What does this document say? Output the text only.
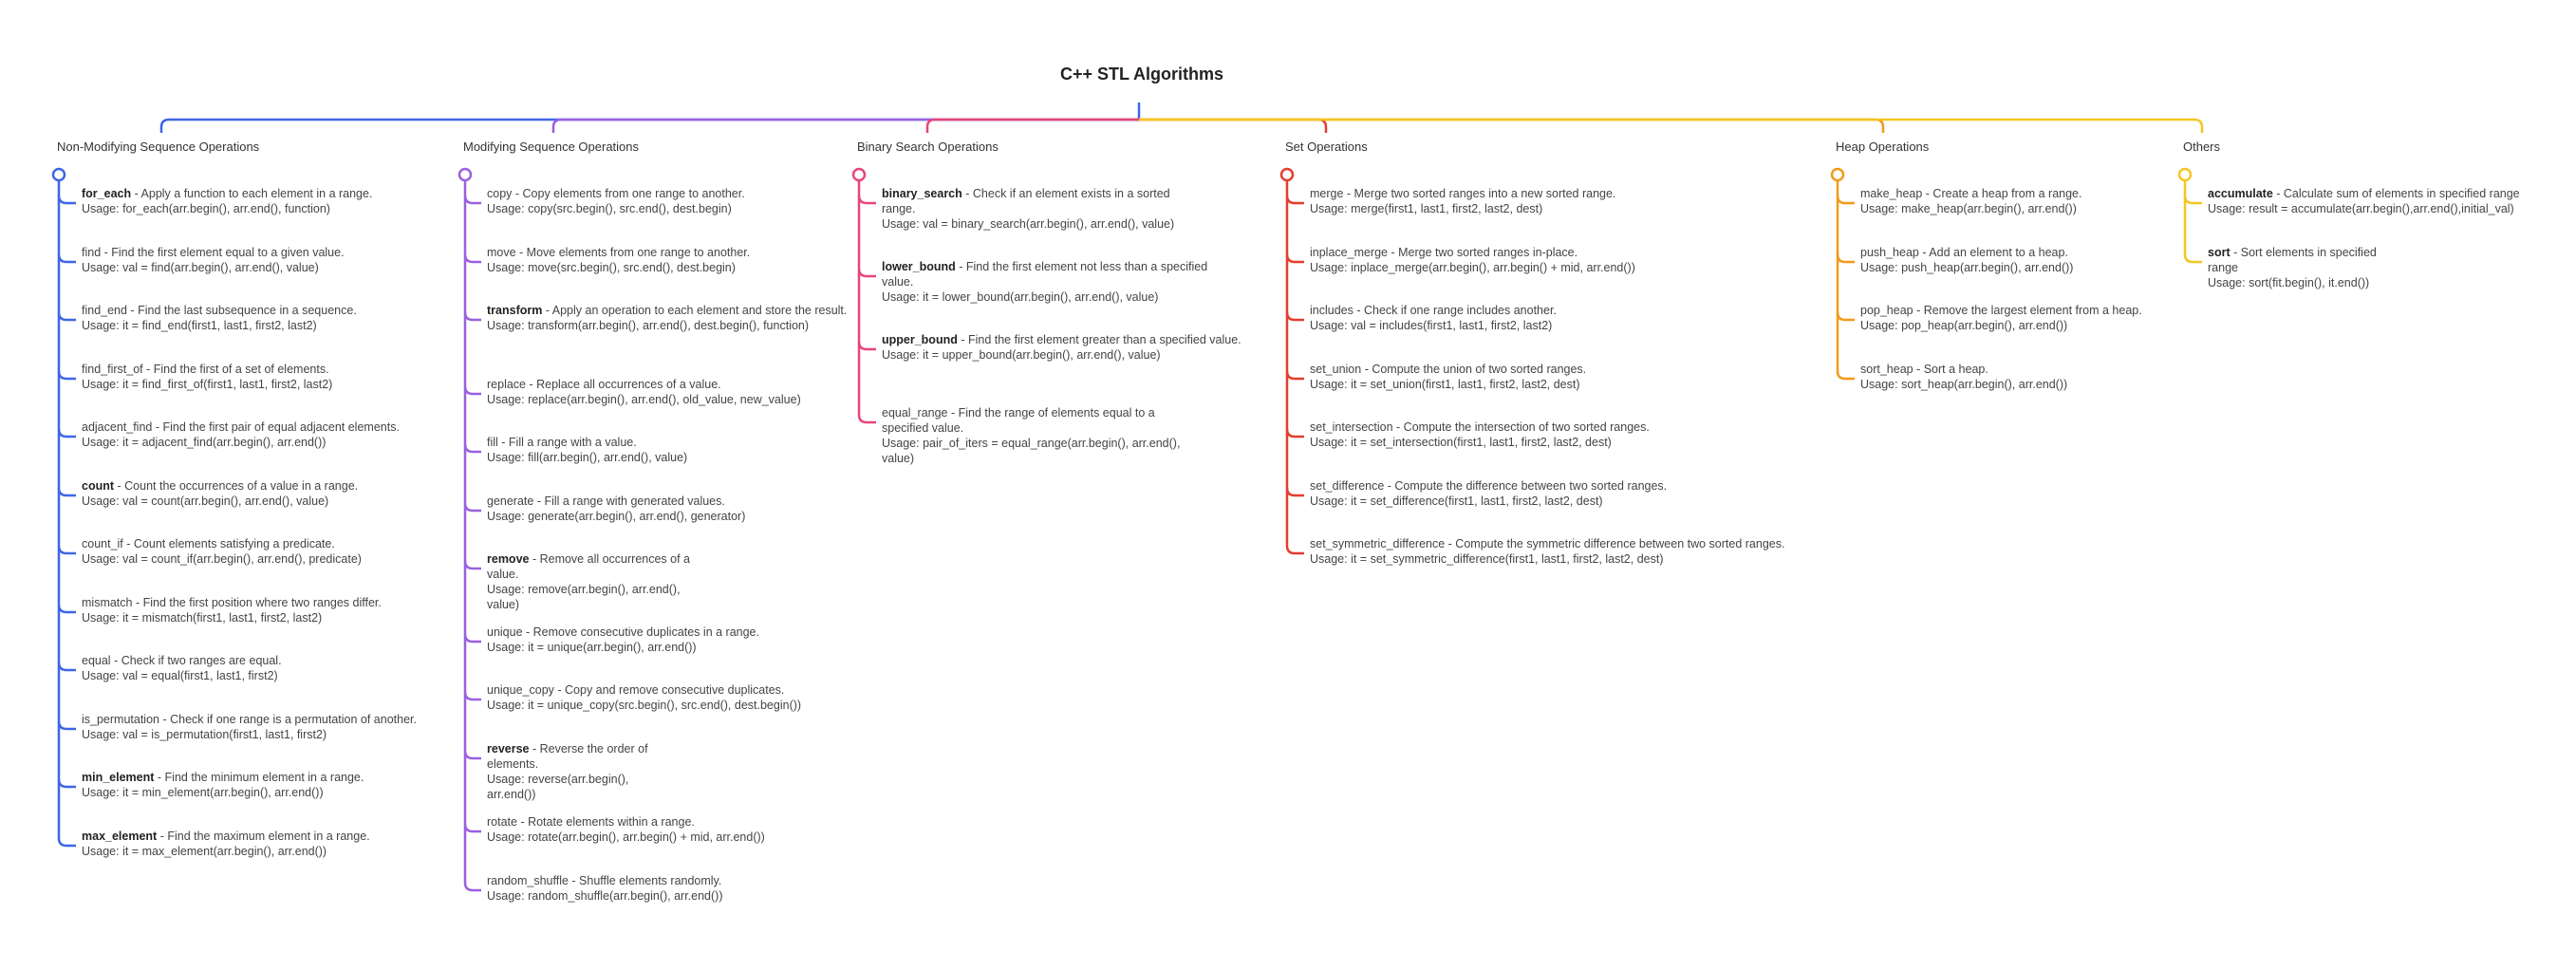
C++ STL Algorithms
Non-Modifying Sequence Operations
for_each - Apply a function to each element in a range.
Usage: for_each(arr.begin(), arr.end(), function)
find - Find the first element equal to a given value.
Usage: val = find(arr.begin(), arr.end(), value)
find_end - Find the last subsequence in a sequence.
Usage: it = find_end(first1, last1, first2, last2)
find_first_of - Find the first of a set of elements.
Usage: it = find_first_of(first1, last1, first2, last2)
adjacent_find - Find the first pair of equal adjacent elements.
Usage: it = adjacent_find(arr.begin(), arr.end())
count - Count the occurrences of a value in a range.
Usage: val = count(arr.begin(), arr.end(), value)
count_if - Count elements satisfying a predicate.
Usage: val = count_if(arr.begin(), arr.end(), predicate)
mismatch - Find the first position where two ranges differ.
Usage: it = mismatch(first1, last1, first2, last2)
equal - Check if two ranges are equal.
Usage: val = equal(first1, last1, first2)
is_permutation - Check if one range is a permutation of another.
Usage: val = is_permutation(first1, last1, first2)
min_element - Find the minimum element in a range.
Usage: it = min_element(arr.begin(), arr.end())
max_element - Find the maximum element in a range.
Usage: it = max_element(arr.begin(), arr.end())
Modifying Sequence Operations
copy - Copy elements from one range to another.
Usage: copy(src.begin(), src.end(), dest.begin)
move - Move elements from one range to another.
Usage: move(src.begin(), src.end(), dest.begin)
transform - Apply an operation to each element and store the result.
Usage: transform(arr.begin(), arr.end(), dest.begin(), function)
replace - Replace all occurrences of a value.
Usage: replace(arr.begin(), arr.end(), old_value, new_value)
fill - Fill a range with a value.
Usage: fill(arr.begin(), arr.end(), value)
generate - Fill a range with generated values.
Usage: generate(arr.begin(), arr.end(), generator)
remove - Remove all occurrences of a value.
Usage: remove(arr.begin(), arr.end(), value)
unique - Remove consecutive duplicates in a range.
Usage: it = unique(arr.begin(), arr.end())
unique_copy - Copy and remove consecutive duplicates.
Usage: it = unique_copy(src.begin(), src.end(), dest.begin())
reverse - Reverse the order of elements.
Usage: reverse(arr.begin(), arr.end())
rotate - Rotate elements within a range.
Usage: rotate(arr.begin(), arr.begin() + mid, arr.end())
random_shuffle - Shuffle elements randomly.
Usage: random_shuffle(arr.begin(), arr.end())
Binary Search Operations
binary_search - Check if an element exists in a sorted range.
Usage: val = binary_search(arr.begin(), arr.end(), value)
lower_bound - Find the first element not less than a specified value.
Usage: it = lower_bound(arr.begin(), arr.end(), value)
upper_bound - Find the first element greater than a specified value.
Usage: it = upper_bound(arr.begin(), arr.end(), value)
equal_range - Find the range of elements equal to a specified value.
Usage: pair_of_iters = equal_range(arr.begin(), arr.end(), value)
Set Operations
merge - Merge two sorted ranges into a new sorted range.
Usage: merge(first1, last1, first2, last2, dest)
inplace_merge - Merge two sorted ranges in-place.
Usage: inplace_merge(arr.begin(), arr.begin() + mid, arr.end())
includes - Check if one range includes another.
Usage: val = includes(first1, last1, first2, last2)
set_union - Compute the union of two sorted ranges.
Usage: it = set_union(first1, last1, first2, last2, dest)
set_intersection - Compute the intersection of two sorted ranges.
Usage: it = set_intersection(first1, last1, first2, last2, dest)
set_difference - Compute the difference between two sorted ranges.
Usage: it = set_difference(first1, last1, first2, last2, dest)
set_symmetric_difference - Compute the symmetric difference between two sorted ranges.
Usage: it = set_symmetric_difference(first1, last1, first2, last2, dest)
Heap Operations
make_heap - Create a heap from a range.
Usage: make_heap(arr.begin(), arr.end())
push_heap - Add an element to a heap.
Usage: push_heap(arr.begin(), arr.end())
pop_heap - Remove the largest element from a heap.
Usage: pop_heap(arr.begin(), arr.end())
sort_heap - Sort a heap.
Usage: sort_heap(arr.begin(), arr.end())
Others
accumulate - Calculate sum of elements in specified range
Usage: result = accumulate(arr.begin(),arr.end(),initial_val)
sort - Sort elements in specified range
Usage: sort(fit.begin(), it.end())
